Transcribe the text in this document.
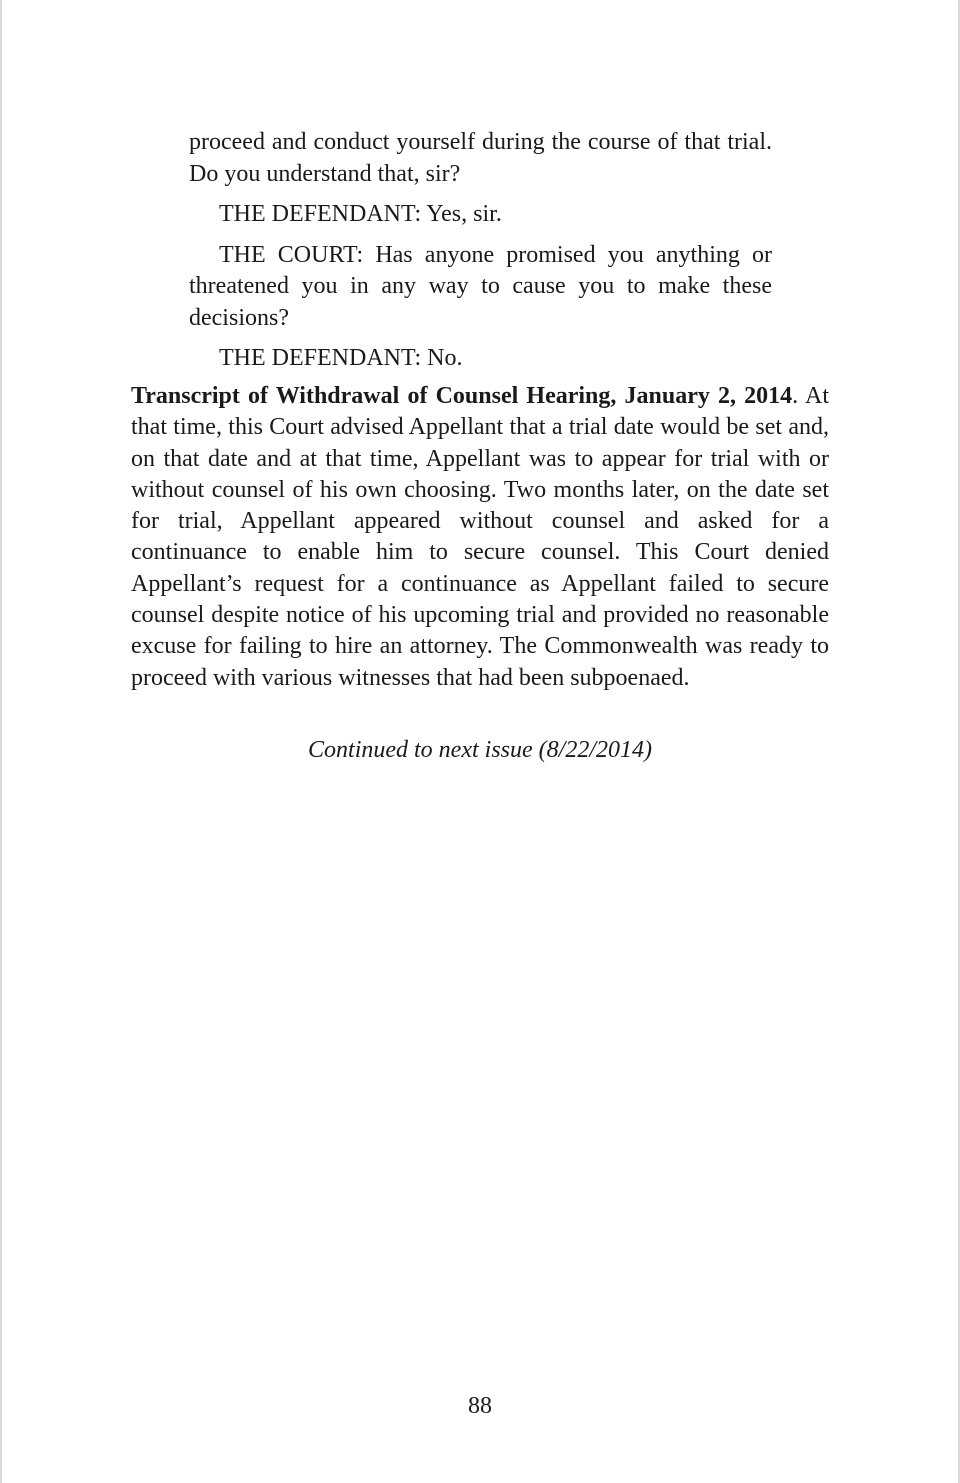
proceed and conduct yourself during the course of that trial. Do you understand that, sir?

THE DEFENDANT: Yes, sir.

THE COURT: Has anyone promised you anything or threatened you in any way to cause you to make these decisions?

THE DEFENDANT: No.

Transcript of Withdrawal of Counsel Hearing, January 2, 2014. At that time, this Court advised Appellant that a trial date would be set and, on that date and at that time, Appellant was to appear for trial with or without counsel of his own choosing. Two months later, on the date set for trial, Appellant appeared without counsel and asked for a continuance to enable him to secure counsel. This Court denied Appellant’s request for a continuance as Appellant failed to secure counsel despite notice of his upcoming trial and provided no reasonable excuse for failing to hire an attorney. The Commonwealth was ready to proceed with various witnesses that had been subpoenaed.

Continued to next issue (8/22/2014)
88
